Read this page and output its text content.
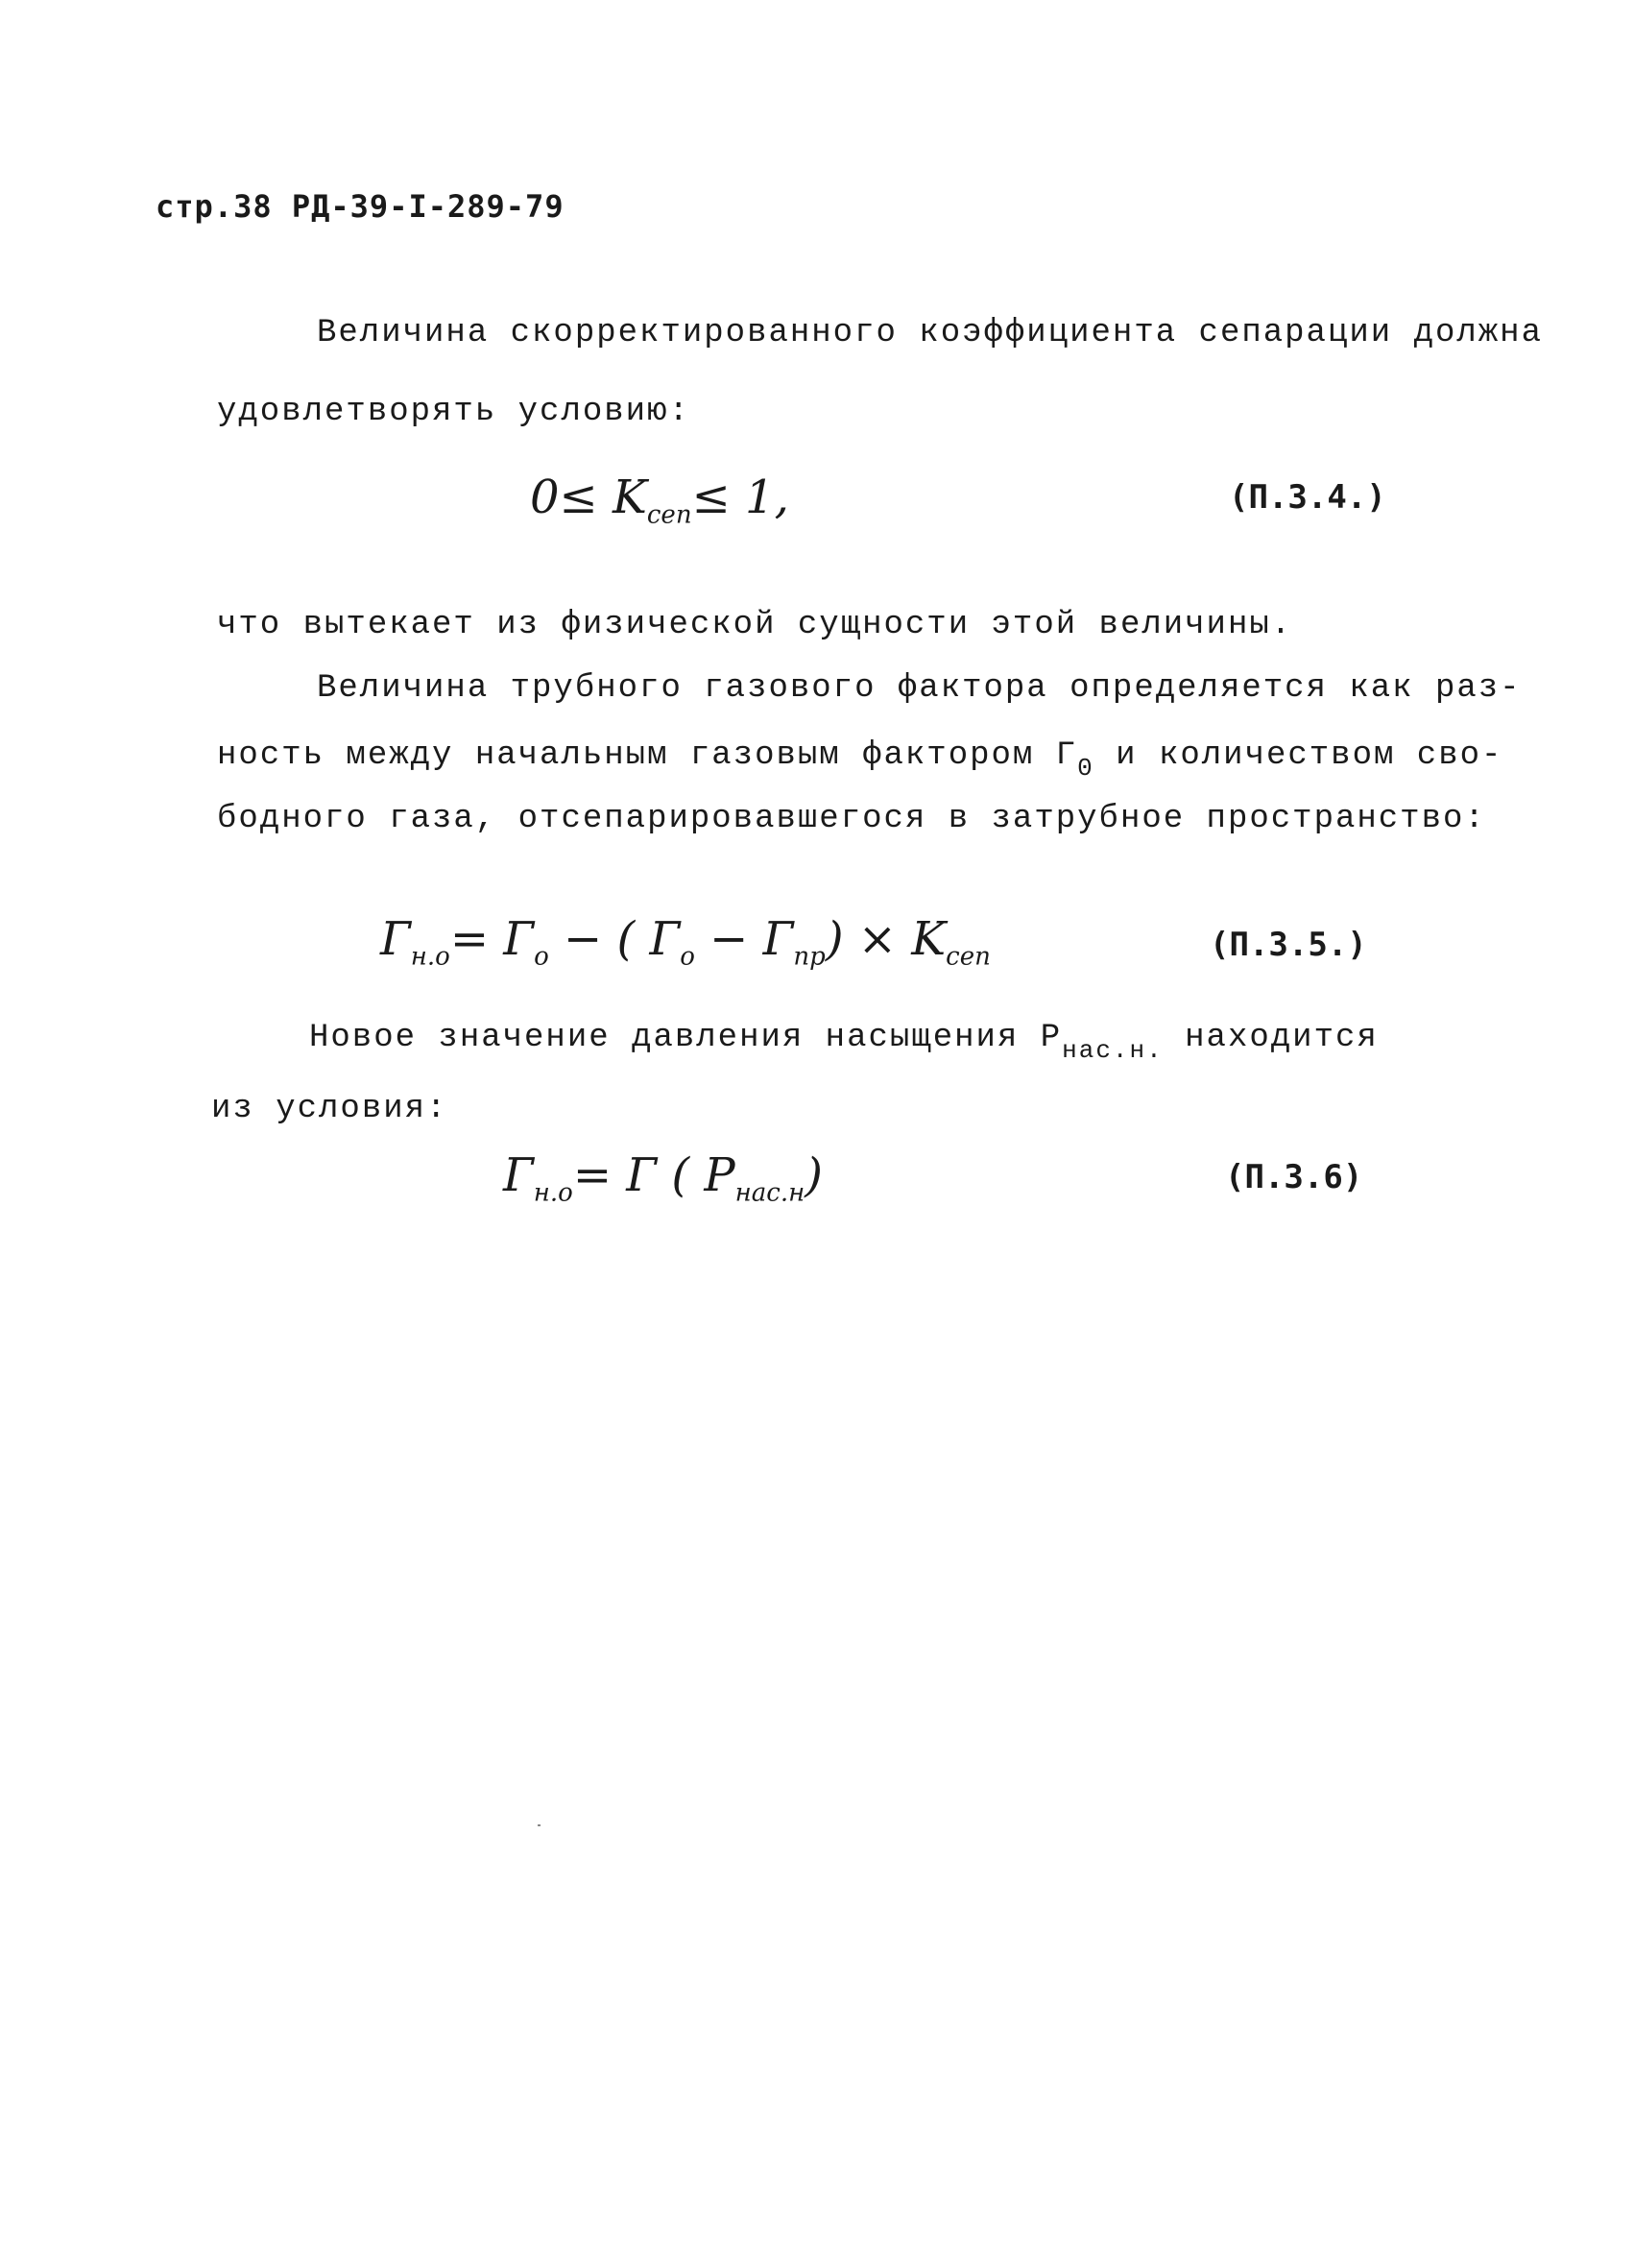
стр.38 РД-39-I-289-79
Величина скорректированного коэффициента сепарации должна
удовлетворять условию:
$0\le K_{сеп}\le 1$,	(П.3.4.)
что вытекает из физической сущности этой величины.
Величина трубного газового фактора определяется как раз-
ность между начальным газовым фактором $Г_0$ и количеством сво-
бодного газа, отсепарировавшегося в затрубное пространство:
$Г_{н.о}= Г_о$ − ( $Г_о - Г_{пр}) \times K_{сеп}$	(П.3.5.)
Новое значение давления насыщения $Р_{нас.н.}$ находится
из условия:
$Г_{н.о}= Г$ ( $Р_{нас.н}$)	(П.3.6)
